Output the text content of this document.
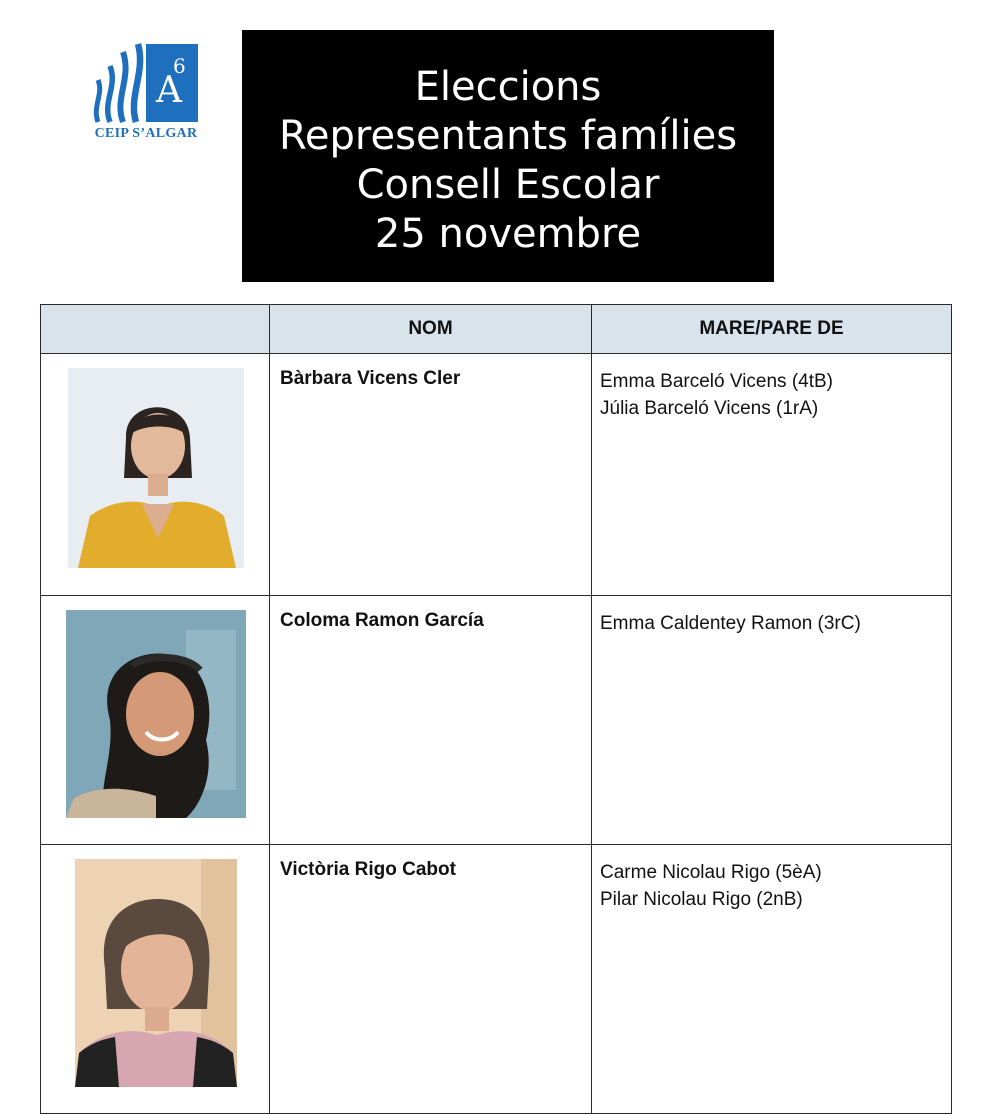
6
A
CEIP S’ALGAR
Eleccions
Representants famílies
Consell Escolar
25 novembre
	NOM	MARE/PARE DE

	Bàrbara Vicens Cler	Emma Barceló Vicens (4tB)
Júlia Barceló Vicens (1rA)

	Coloma Ramon García	Emma Caldentey Ramon (3rC)

	Victòria Rigo Cabot	Carme Nicolau Rigo (5èA)
Pilar Nicolau Rigo (2nB)
